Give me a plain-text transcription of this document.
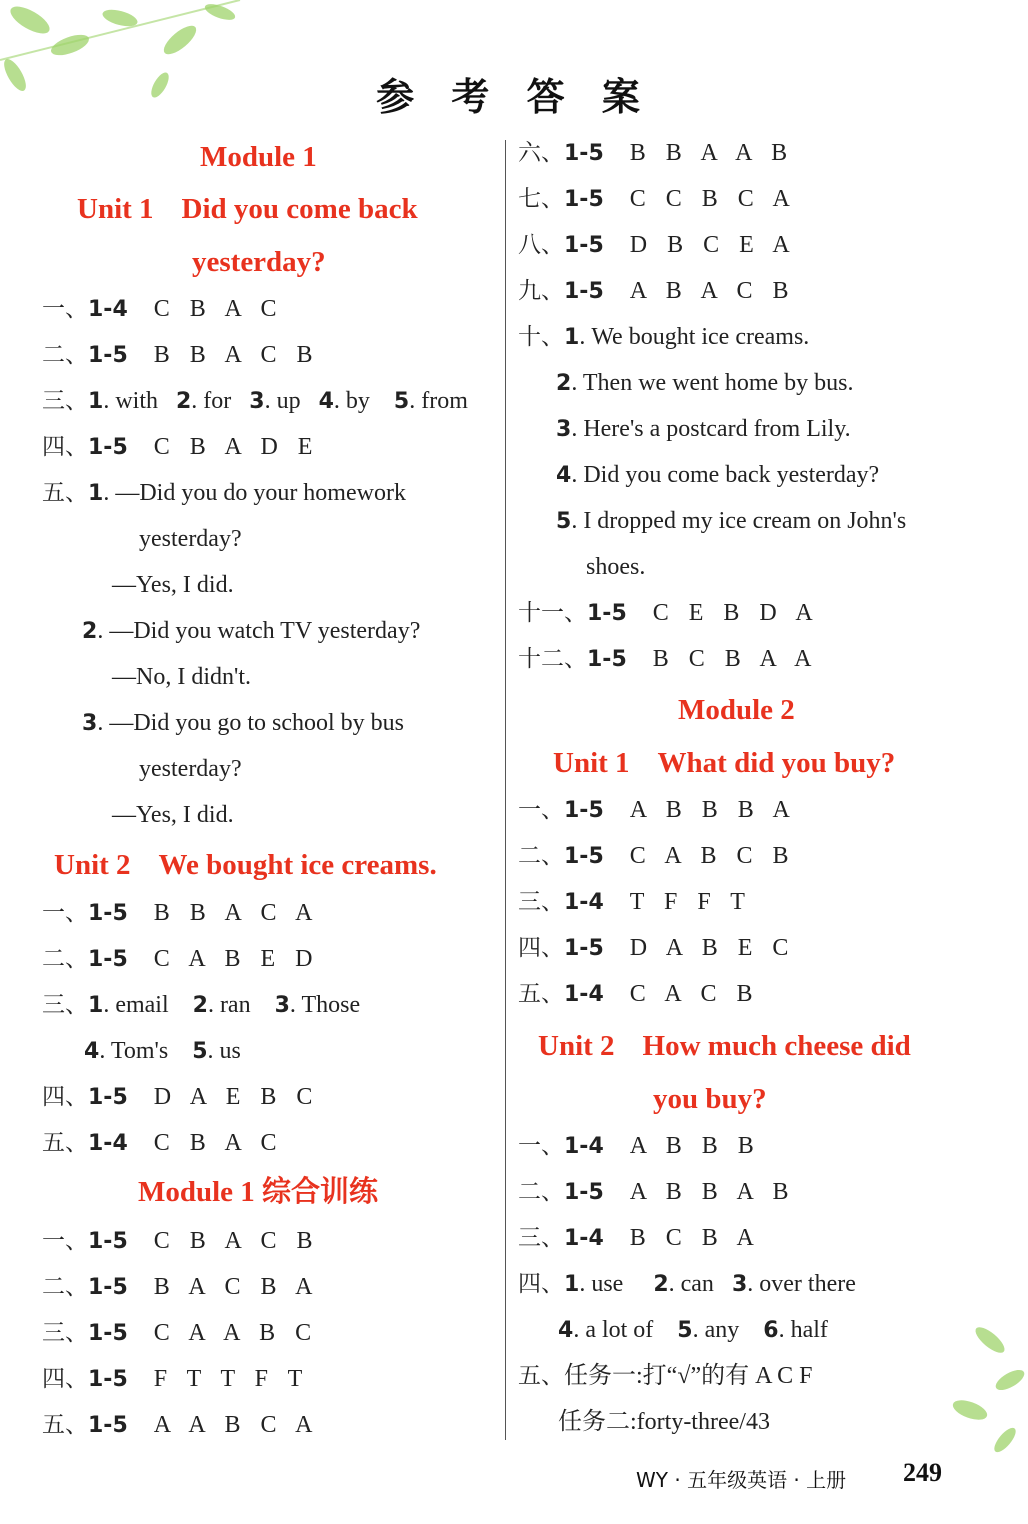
参 考 答 案
Module 1
Unit 1 Did you come back
yesterday?
一、1-4 C B A C
二、1-5 B B A C B
三、1. with 2. for 3. up 4. by 5. from
四、1-5 C B A D E
五、1. —Did you do your homework
yesterday?
—Yes, I did.
2. —Did you watch TV yesterday?
—No, I didn't.
3. —Did you go to school by bus
yesterday?
—Yes, I did.
Unit 2 We bought ice creams.
一、1-5 B B A C A
二、1-5 C A B E D
三、1. email 2. ran 3. Those
4. Tom's 5. us
四、1-5 D A E B C
五、1-4 C B A C
Module 1 综合训练
一、1-5 C B A C B
二、1-5 B A C B A
三、1-5 C A A B C
四、1-5 F T T F T
五、1-5 A A B C A
六、1-5 B B A A B
七、1-5 C C B C A
八、1-5 D B C E A
九、1-5 A B A C B
十、1. We bought ice creams.
2. Then we went home by bus.
3. Here's a postcard from Lily.
4. Did you come back yesterday?
5. I dropped my ice cream on John's
shoes.
十一、1-5 C E B D A
十二、1-5 B C B A A
Module 2
Unit 1 What did you buy?
一、1-5 A B B B A
二、1-5 C A B C B
三、1-4 T F F T
四、1-5 D A B E C
五、1-4 C A C B
Unit 2 How much cheese did
you buy?
一、1-4 A B B B
二、1-5 A B B A B
三、1-4 B C B A
四、1. use 2. can 3. over there
4. a lot of 5. any 6. half
五、任务一:打“√”的有 A C F
任务二:forty-three/43
WY · 五年级英语 · 上册 249
